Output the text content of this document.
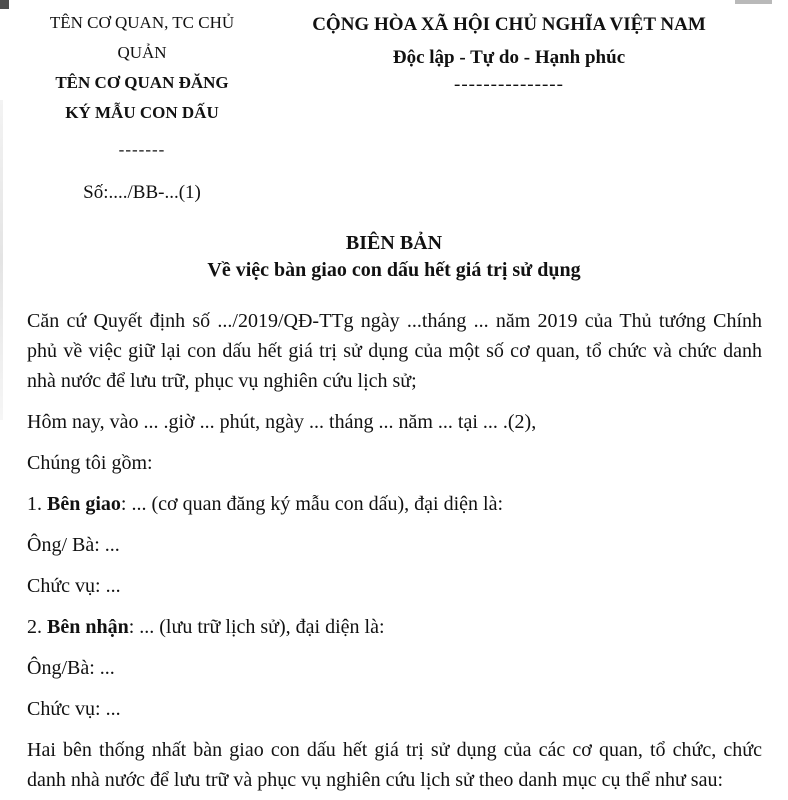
TÊN CƠ QUAN, TC CHỦ QUẢN
TÊN CƠ QUAN ĐĂNG KÝ MẪU CON DẤU
-------
Số:..../BB-...(1)
CỘNG HÒA XÃ HỘI CHỦ NGHĨA VIỆT NAM
Độc lập - Tự do - Hạnh phúc
---------------
BIÊN BẢN
Về việc bàn giao con dấu hết giá trị sử dụng

Căn cứ Quyết định số .../2019/QĐ-TTg ngày ...tháng ... năm 2019 của Thủ tướng Chính phủ về việc giữ lại con dấu hết giá trị sử dụng của một số cơ quan, tổ chức và chức danh nhà nước để lưu trữ, phục vụ nghiên cứu lịch sử;

Hôm nay, vào ... .giờ ... phút, ngày ... tháng ... năm ... tại ... .(2),

Chúng tôi gồm:

1. Bên giao: ... (cơ quan đăng ký mẫu con dấu), đại diện là:

Ông/ Bà: ...

Chức vụ: ...

2. Bên nhận: ... (lưu trữ lịch sử), đại diện là:

Ông/Bà: ...

Chức vụ: ...

Hai bên thống nhất bàn giao con dấu hết giá trị sử dụng của các cơ quan, tổ chức, chức danh nhà nước để lưu trữ và phục vụ nghiên cứu lịch sử theo danh mục cụ thể như sau:
